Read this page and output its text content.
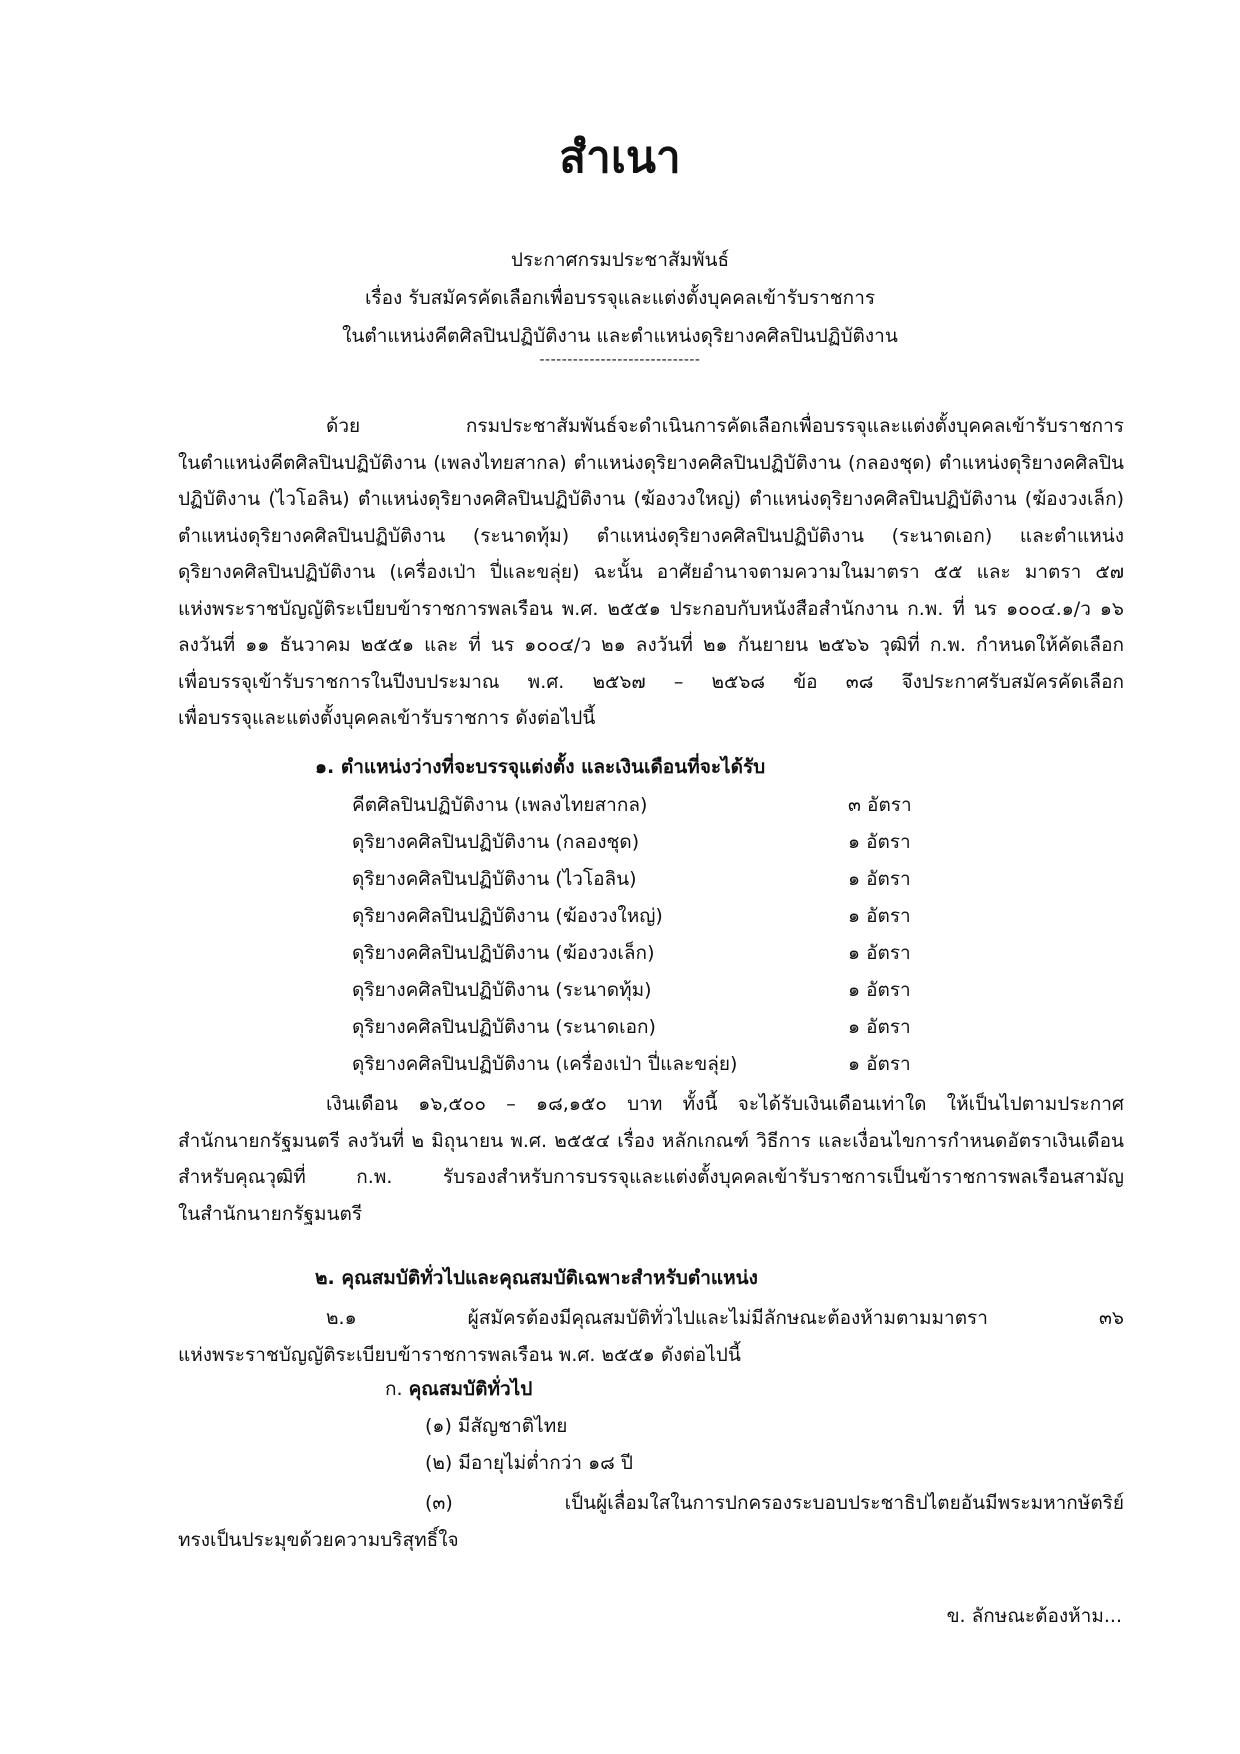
สำเนา
ประกาศกรมประชาสัมพันธ์
เรื่อง รับสมัครคัดเลือกเพื่อบรรจุและแต่งตั้งบุคคลเข้ารับราชการ
ในตำแหน่งคีตศิลปินปฏิบัติงาน และตำแหน่งดุริยางคศิลปินปฏิบัติงาน
-----------------------------
ด้วย กรมประชาสัมพันธ์จะดำเนินการคัดเลือกเพื่อบรรจุและแต่งตั้งบุคคลเข้ารับราชการ
ในตำแหน่งคีตศิลปินปฏิบัติงาน (เพลงไทยสากล) ตำแหน่งดุริยางคศิลปินปฏิบัติงาน (กลองชุด) ตำแหน่งดุริยางคศิลปิน
ปฏิบัติงาน (ไวโอลิน) ตำแหน่งดุริยางคศิลปินปฏิบัติงาน (ฆ้องวงใหญ่) ตำแหน่งดุริยางคศิลปินปฏิบัติงาน (ฆ้องวงเล็ก)
ตำแหน่งดุริยางคศิลปินปฏิบัติงาน (ระนาดทุ้ม) ตำแหน่งดุริยางคศิลปินปฏิบัติงาน (ระนาดเอก) และตำแหน่ง
ดุริยางคศิลปินปฏิบัติงาน (เครื่องเป่า ปี่และขลุ่ย) ฉะนั้น อาศัยอำนาจตามความในมาตรา ๕๕ และ มาตรา ๕๗
แห่งพระราชบัญญัติระเบียบข้าราชการพลเรือน พ.ศ. ๒๕๕๑ ประกอบกับหนังสือสำนักงาน ก.พ. ที่ นร ๑๐๐๔.๑/ว ๑๖
ลงวันที่ ๑๑ ธันวาคม ๒๕๕๑ และ ที่ นร ๑๐๐๔/ว ๒๑ ลงวันที่ ๒๑ กันยายน ๒๕๖๖ วุฒิที่ ก.พ. กำหนดให้คัดเลือก
เพื่อบรรจุเข้ารับราชการในปีงบประมาณ พ.ศ. ๒๕๖๗ – ๒๕๖๘ ข้อ ๓๘ จึงประกาศรับสมัครคัดเลือก
เพื่อบรรจุและแต่งตั้งบุคคลเข้ารับราชการ ดังต่อไปนี้
๑. ตำแหน่งว่างที่จะบรรจุแต่งตั้ง และเงินเดือนที่จะได้รับ
คีตศิลปินปฏิบัติงาน (เพลงไทยสากล)	๓ อัตรา
ดุริยางคศิลปินปฏิบัติงาน (กลองชุด)	๑ อัตรา
ดุริยางคศิลปินปฏิบัติงาน (ไวโอลิน)	๑ อัตรา
ดุริยางคศิลปินปฏิบัติงาน (ฆ้องวงใหญ่)	๑ อัตรา
ดุริยางคศิลปินปฏิบัติงาน (ฆ้องวงเล็ก)	๑ อัตรา
ดุริยางคศิลปินปฏิบัติงาน (ระนาดทุ้ม)	๑ อัตรา
ดุริยางคศิลปินปฏิบัติงาน (ระนาดเอก)	๑ อัตรา
ดุริยางคศิลปินปฏิบัติงาน (เครื่องเป่า ปี่และขลุ่ย)	๑ อัตรา
เงินเดือน ๑๖,๕๐๐ – ๑๘,๑๕๐ บาท ทั้งนี้ จะได้รับเงินเดือนเท่าใด ให้เป็นไปตามประกาศ
สำนักนายกรัฐมนตรี ลงวันที่ ๒ มิถุนายน พ.ศ. ๒๕๕๔ เรื่อง หลักเกณฑ์ วิธีการ และเงื่อนไขการกำหนดอัตราเงินเดือน
สำหรับคุณวุฒิที่ ก.พ. รับรองสำหรับการบรรจุและแต่งตั้งบุคคลเข้ารับราชการเป็นข้าราชการพลเรือนสามัญ
ในสำนักนายกรัฐมนตรี
๒. คุณสมบัติทั่วไปและคุณสมบัติเฉพาะสำหรับตำแหน่ง
๒.๑ ผู้สมัครต้องมีคุณสมบัติทั่วไปและไม่มีลักษณะต้องห้ามตามมาตรา ๓๖
แห่งพระราชบัญญัติระเบียบข้าราชการพลเรือน พ.ศ. ๒๕๕๑ ดังต่อไปนี้
ก. คุณสมบัติทั่วไป
(๑) มีสัญชาติไทย
(๒) มีอายุไม่ต่ำกว่า ๑๘ ปี
(๓) เป็นผู้เลื่อมใสในการปกครองระบอบประชาธิปไตยอันมีพระมหากษัตริย์
ทรงเป็นประมุขด้วยความบริสุทธิ์ใจ
ข. ลักษณะต้องห้าม...
